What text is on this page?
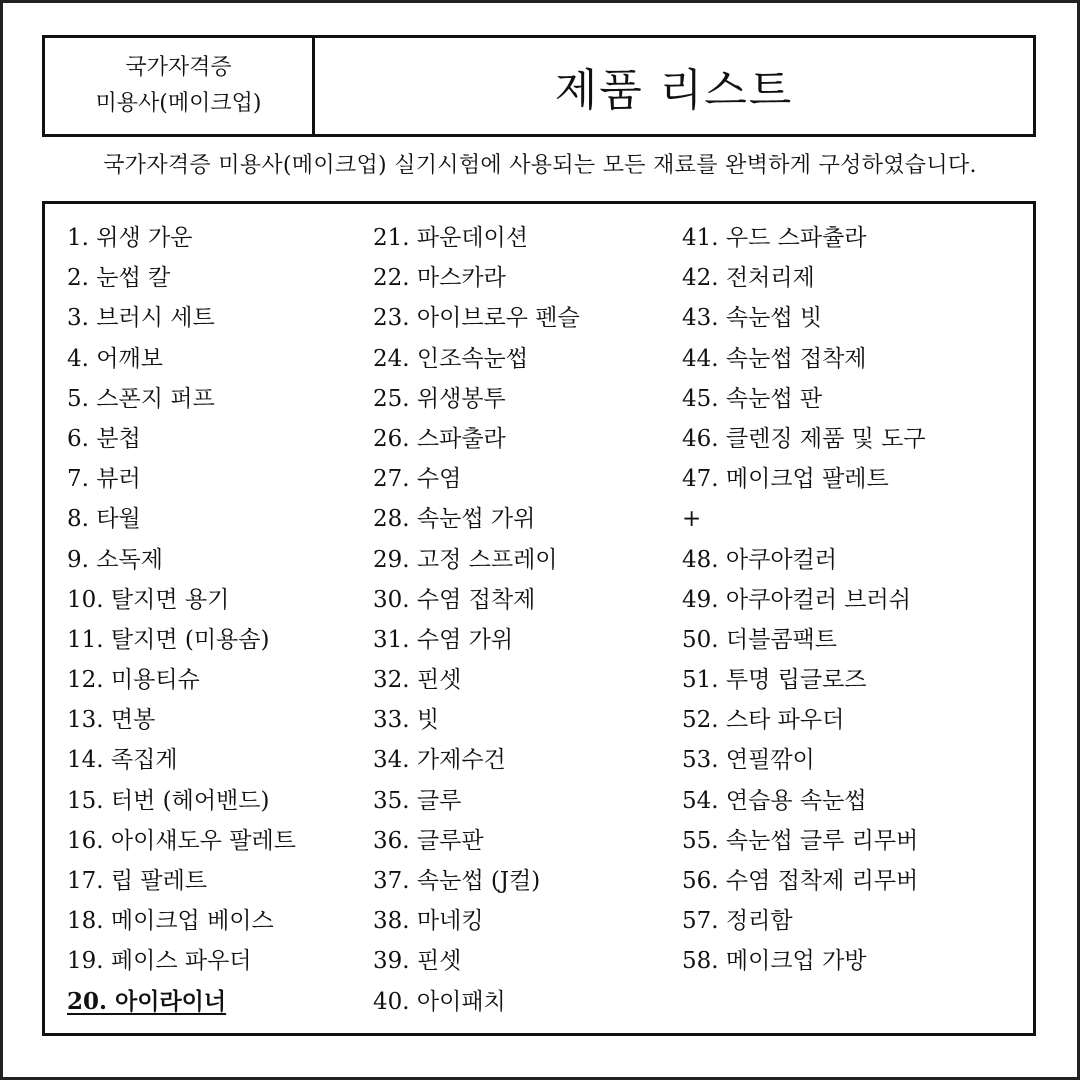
국가자격증
미용사(메이크업)	제품 리스트
국가자격증 미용사(메이크업) 실기시험에 사용되는 모든 재료를 완벽하게 구성하였습니다.
1. 위생 가운
2. 눈썹 칼
3. 브러시 세트
4. 어깨보
5. 스폰지 퍼프
6. 분첩
7. 뷰러
8. 타월
9. 소독제
10. 탈지면 용기
11. 탈지면 (미용솜)
12. 미용티슈
13. 면봉
14. 족집게
15. 터번 (헤어밴드)
16. 아이섀도우 팔레트
17. 립 팔레트
18. 메이크업 베이스
19. 페이스 파우더
20. 아이라이너
21. 파운데이션
22. 마스카라
23. 아이브로우 펜슬
24. 인조속눈썹
25. 위생봉투
26. 스파출라
27. 수염
28. 속눈썹 가위
29. 고정 스프레이
30. 수염 접착제
31. 수염 가위
32. 핀셋
33. 빗
34. 가제수건
35. 글루
36. 글루판
37. 속눈썹 (J컬)
38. 마네킹
39. 핀셋
40. 아이패치
41. 우드 스파츌라
42. 전처리제
43. 속눈썹 빗
44. 속눈썹 접착제
45. 속눈썹 판
46. 클렌징 제품 및 도구
47. 메이크업 팔레트
+
48. 아쿠아컬러
49. 아쿠아컬러 브러쉬
50. 더블콤팩트
51. 투명 립글로즈
52. 스타 파우더
53. 연필깎이
54. 연습용 속눈썹
55. 속눈썹 글루 리무버
56. 수염 접착제 리무버
57. 정리함
58. 메이크업 가방
